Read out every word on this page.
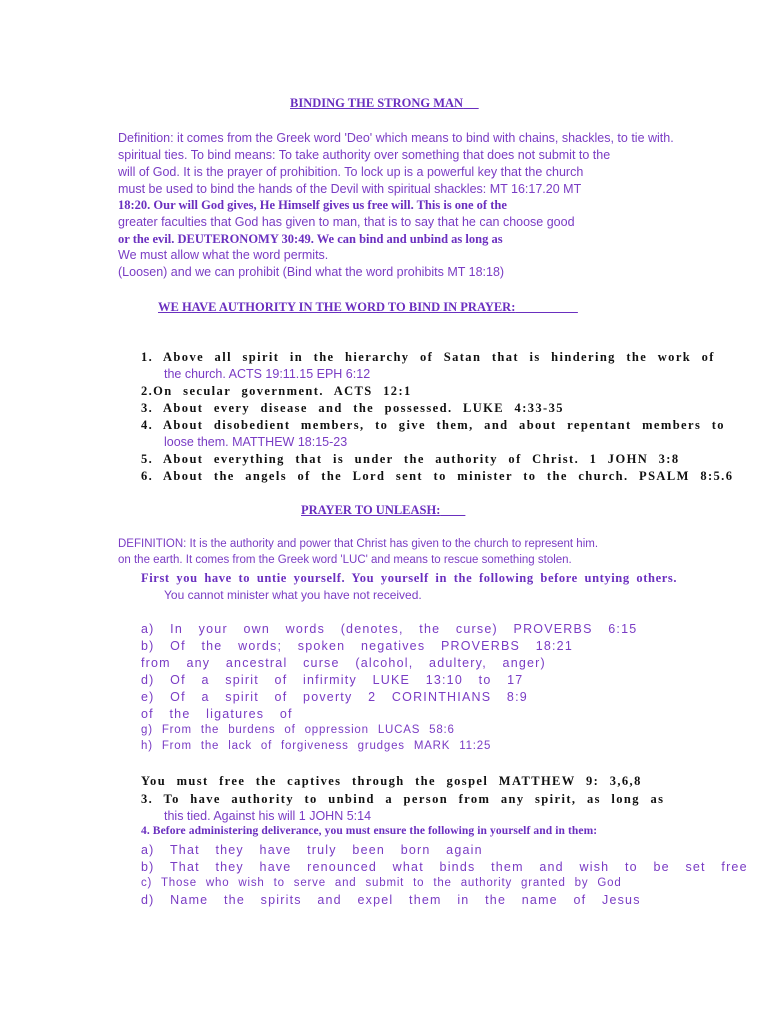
BINDING THE STRONG MAN
Definition: it comes from the Greek word 'Deo' which means to bind with chains, shackles, to tie with.
spiritual ties. To bind means: To take authority over something that does not submit to the
will of God. It is the prayer of prohibition. To lock up is a powerful key that the church
must be used to bind the hands of the Devil with spiritual shackles: MT 16:17.20 MT
18:20. Our will God gives, He Himself gives us free will. This is one of the
greater faculties that God has given to man, that is to say that he can choose good
or the evil. DEUTERONOMY 30:49. We can bind and unbind as long as
We must allow what the word permits.
(Loosen) and we can prohibit (Bind what the word prohibits MT 18:18)
WE HAVE AUTHORITY IN THE WORD TO BIND IN PRAYER:
1. Above all spirit in the hierarchy of Satan that is hindering the work of
the church. ACTS 19:11.15 EPH 6:12
2.On secular government. ACTS 12:1
3. About every disease and the possessed. LUKE 4:33-35
4. About disobedient members, to give them, and about repentant members to
loose them. MATTHEW 18:15-23
5. About everything that is under the authority of Christ. 1 JOHN 3:8
6. About the angels of the Lord sent to minister to the church. PSALM 8:5.6
PRAYER TO UNLEASH:
DEFINITION: It is the authority and power that Christ has given to the church to represent him.
on the earth. It comes from the Greek word 'LUC' and means to rescue something stolen.
First you have to untie yourself. You yourself in the following before untying others.
You cannot minister what you have not received.
a) In your own words (denotes, the curse) PROVERBS 6:15
b) Of the words; spoken negatives PROVERBS 18:21
from any ancestral curse (alcohol, adultery, anger)
d) Of a spirit of infirmity LUKE 13:10 to 17
e) Of a spirit of poverty 2 CORINTHIANS 8:9
of the ligatures of
g) From the burdens of oppression LUCAS 58:6
h) From the lack of forgiveness grudges MARK 11:25
You must free the captives through the gospel MATTHEW 9: 3,6,8
3. To have authority to unbind a person from any spirit, as long as
this tied. Against his will 1 JOHN 5:14
4. Before administering deliverance, you must ensure the following in yourself and in them:
a) That they have truly been born again
b) That they have renounced what binds them and wish to be set free
c) Those who wish to serve and submit to the authority granted by God
d) Name the spirits and expel them in the name of Jesus
